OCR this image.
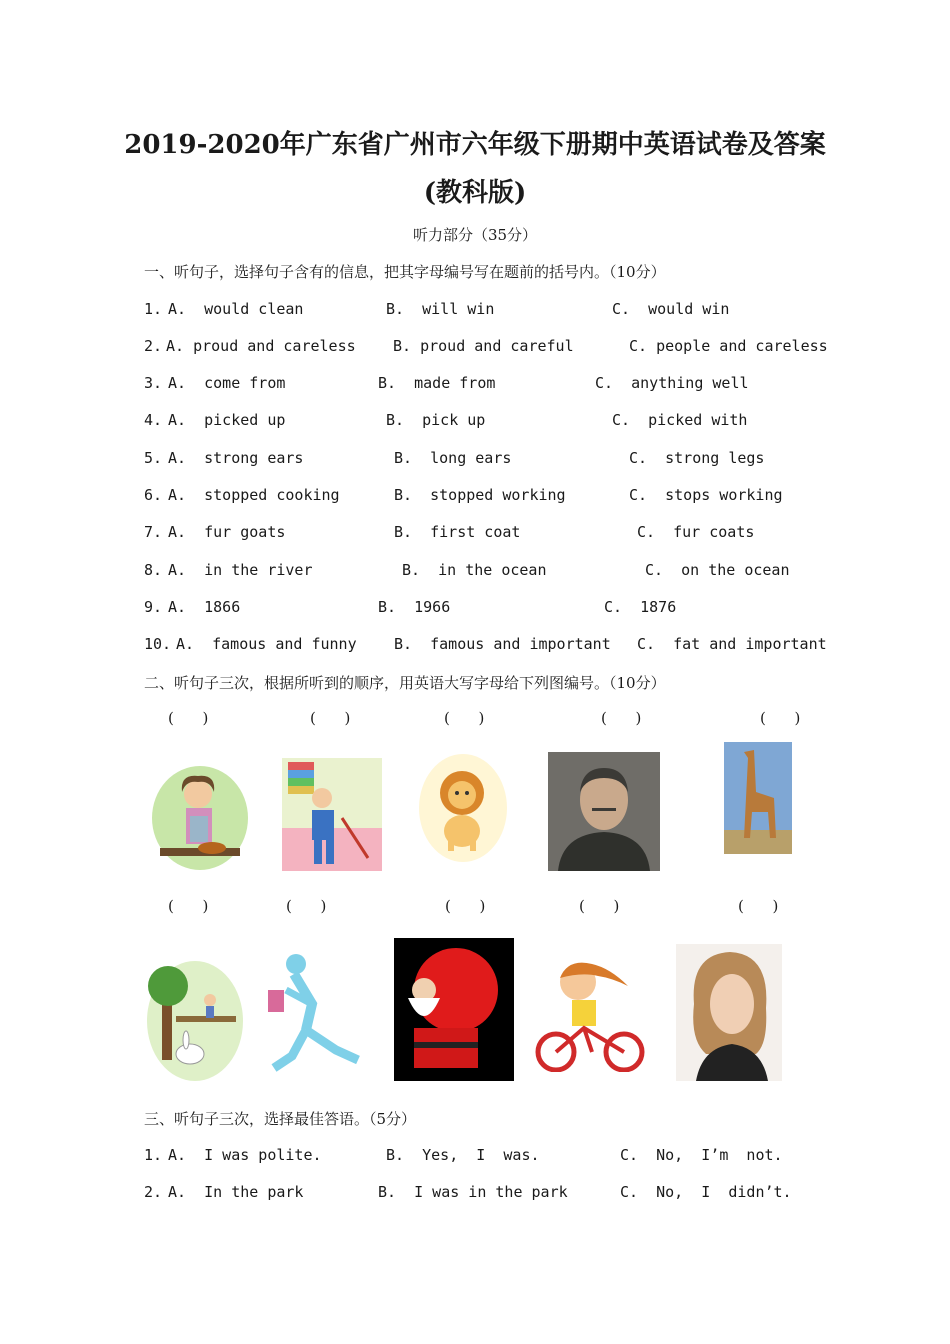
2019-2020年广东省广州市六年级下册期中英语试卷及答案
(教科版)
听力部分（35分）
一、听句子，选择句子含有的信息，把其字母编号写在题前的括号内。（10分）

1.

A.  would clean

	B.  will win

	C.  would win

2.

A. proud and careless

B. proud and careful

	C. people and careless

3.

A.  come from

	B.  made from

	C.  anything well

4.

A.  picked up

	B.  pick up

	C.  picked with

5.

A.  strong ears

	B.  long ears

	C.  strong legs

6.

A.  stopped cooking

	B.  stopped working

	C.  stops working

7.

A.  fur goats

	B.  first coat

	C.  fur coats

8.

A.  in the river

	B.  in the ocean

	C.  on the ocean

9.

A.  1866

	B.  1966

	C.  1876

10.

A.  famous and funny

B.  famous and important

C.  fat and important

二、听句子三次，根据所听到的顺序，用英语大写字母给下列图编号。（10分）
(      )	(      )	(      )	(      )	(      )
(      )	(      )	(      )	(      )	(      )
三、听句子三次，选择最佳答语。（5分）

1.

A.  I was polite.

	B.  Yes,  I  was.

	C.  No,  I’m  not.

2.

A.  In the park

	B.  I was in the park

	C.  No,  I  didn’t.
